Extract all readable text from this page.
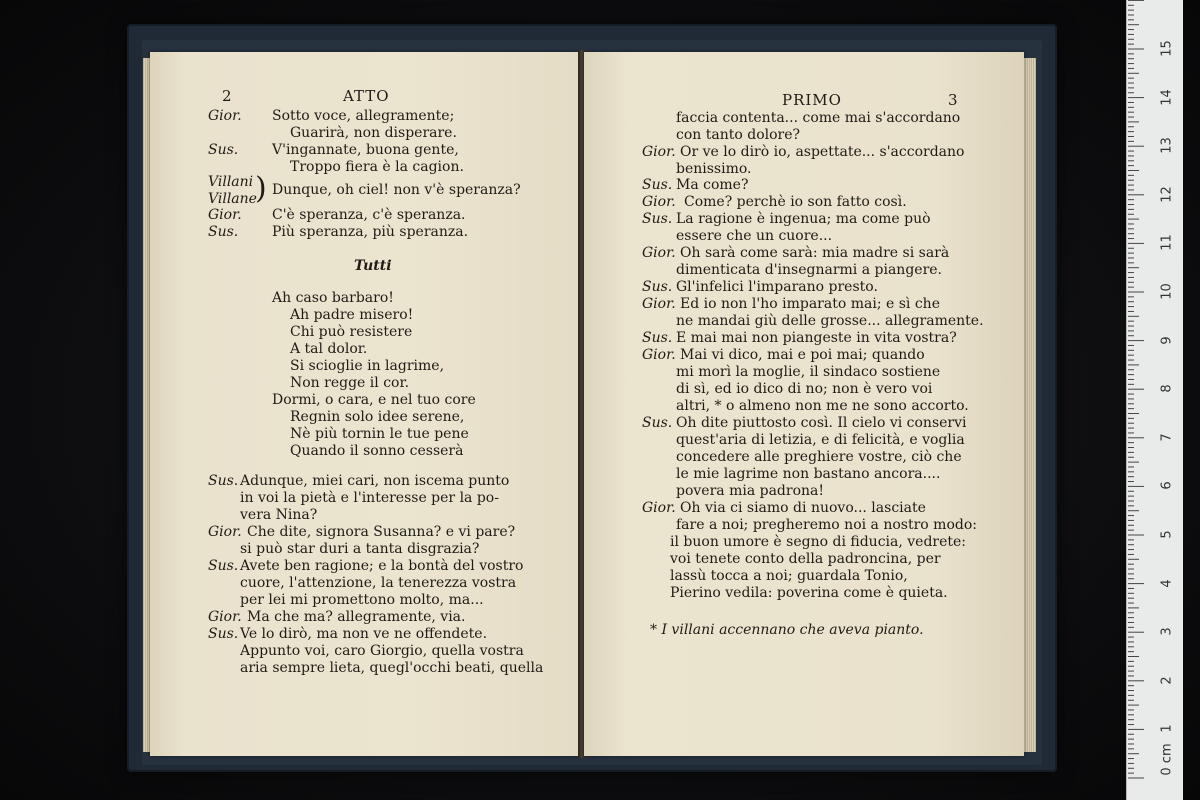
2	ATTO
Gior. Sotto voce, allegramente;
Guarirà, non disperare.
Sus. V'ingannate, buona gente,
Troppo fiera è la cagion.
Villani
Villane
) Dunque, oh ciel! non v'è speranza?
Gior. C'è speranza, c'è speranza.
Sus. Più speranza, più speranza.
Tutti
Ah caso barbaro!
Ah padre misero!
Chi può resistere
A tal dolor.
Si scioglie in lagrime,
Non regge il cor.
Dormi, o cara, e nel tuo core
Regnin solo idee serene,
Nè più tornin le tue pene
Quando il sonno cesserà
Sus. Adunque, miei cari, non iscema punto
in voi la pietà e l'interesse per la po-
vera Nina?
Gior. Che dite, signora Susanna? e vi pare?
si può star duri a tanta disgrazia?
Sus. Avete ben ragione; e la bontà del vostro
cuore, l'attenzione, la tenerezza vostra
per lei mi promettono molto, ma...
Gior. Ma che ma? allegramente, via.
Sus. Ve lo dirò, ma non ve ne offendete.
Appunto voi, caro Giorgio, quella vostra
aria sempre lieta, quegl'occhi beati, quella
PRIMO	3
faccia contenta... come mai s'accordano
con tanto dolore?
Gior. Or ve lo dirò io, aspettate... s'accordano
benissimo.
Sus. Ma come?
Gior. Come? perchè io son fatto così.
Sus. La ragione è ingenua; ma come può
essere che un cuore...
Gior. Oh sarà come sarà: mia madre si sarà
dimenticata d'insegnarmi a piangere.
Sus. Gl'infelici l'imparano presto.
Gior. Ed io non l'ho imparato mai; e sì che
ne mandai giù delle grosse... allegramente.
Sus. E mai mai non piangeste in vita vostra?
Gior. Mai vi dico, mai e poi mai; quando
mi morì la moglie, il sindaco sostiene
di sì, ed io dico di no; non è vero voi
altri, * o almeno non me ne sono accorto.
Sus. Oh dite piuttosto così. Il cielo vi conservi
quest'aria di letizia, e di felicità, e voglia
concedere alle preghiere vostre, ciò che
le mie lagrime non bastano ancora....
povera mia padrona!
Gior. Oh via ci siamo di nuovo... lasciate
fare a noi; pregheremo noi a nostro modo:
il buon umore è segno di fiducia, vedrete:
voi tenete conto della padroncina, per
lassù tocca a noi; guardala Tonio,
Pierino vedila: poverina come è quieta.
* I villani accennano che aveva pianto.
1
2
3
4
5
6
7
8
9
10
11
12
13
14
15
0 cm
